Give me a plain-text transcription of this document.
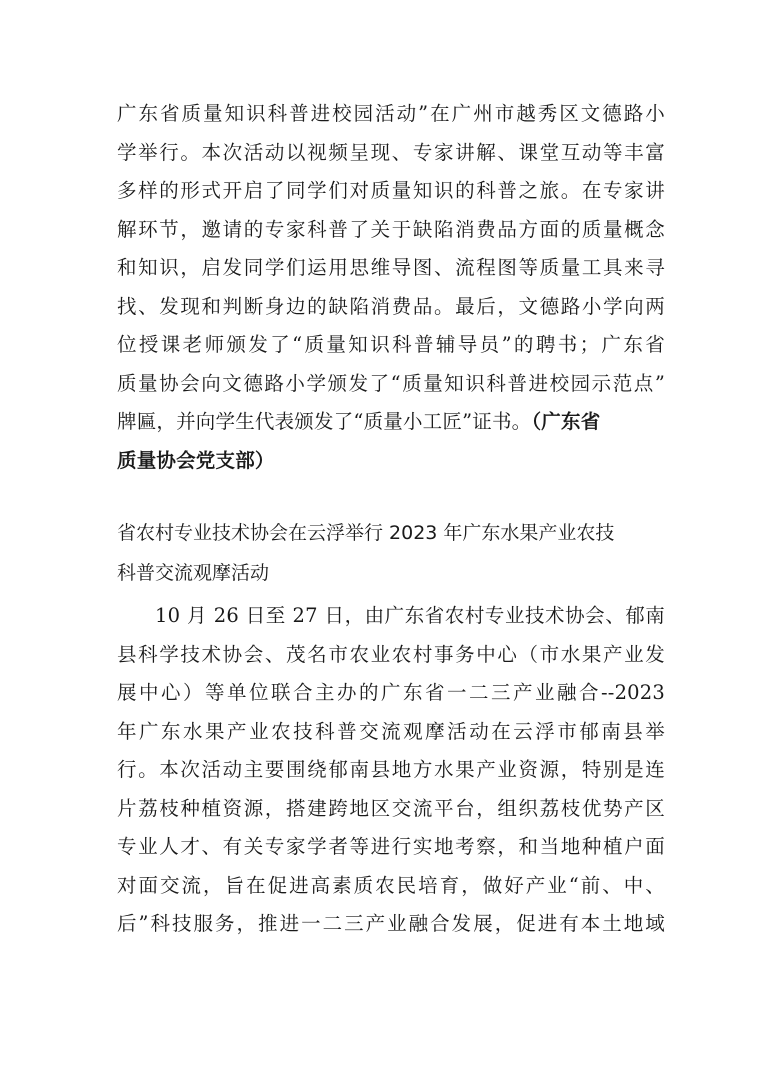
广东省质量知识科普进校园活动”在广州市越秀区文德路小
学举行。本次活动以视频呈现、专家讲解、课堂互动等丰富
多样的形式开启了同学们对质量知识的科普之旅。在专家讲
解环节，邀请的专家科普了关于缺陷消费品方面的质量概念
和知识，启发同学们运用思维导图、流程图等质量工具来寻
找、发现和判断身边的缺陷消费品。最后，文德路小学向两
位授课老师颁发了“质量知识科普辅导员”的聘书；广东省
质量协会向文德路小学颁发了“质量知识科普进校园示范点”
牌匾，并向学生代表颁发了“质量小工匠”证书。（广东省
质量协会党支部）
省农村专业技术协会在云浮举行 2023 年广东水果产业农技
科普交流观摩活动
10 月 26 日至 27 日，由广东省农村专业技术协会、郁南
县科学技术协会、茂名市农业农村事务中心（市水果产业发
展中心）等单位联合主办的广东省一二三产业融合--2023
年广东水果产业农技科普交流观摩活动在云浮市郁南县举
行。本次活动主要围绕郁南县地方水果产业资源，特别是连
片荔枝种植资源，搭建跨地区交流平台，组织荔枝优势产区
专业人才、有关专家学者等进行实地考察，和当地种植户面
对面交流，旨在促进高素质农民培育，做好产业“前、中、
后”科技服务，推进一二三产业融合发展，促进有本土地域
